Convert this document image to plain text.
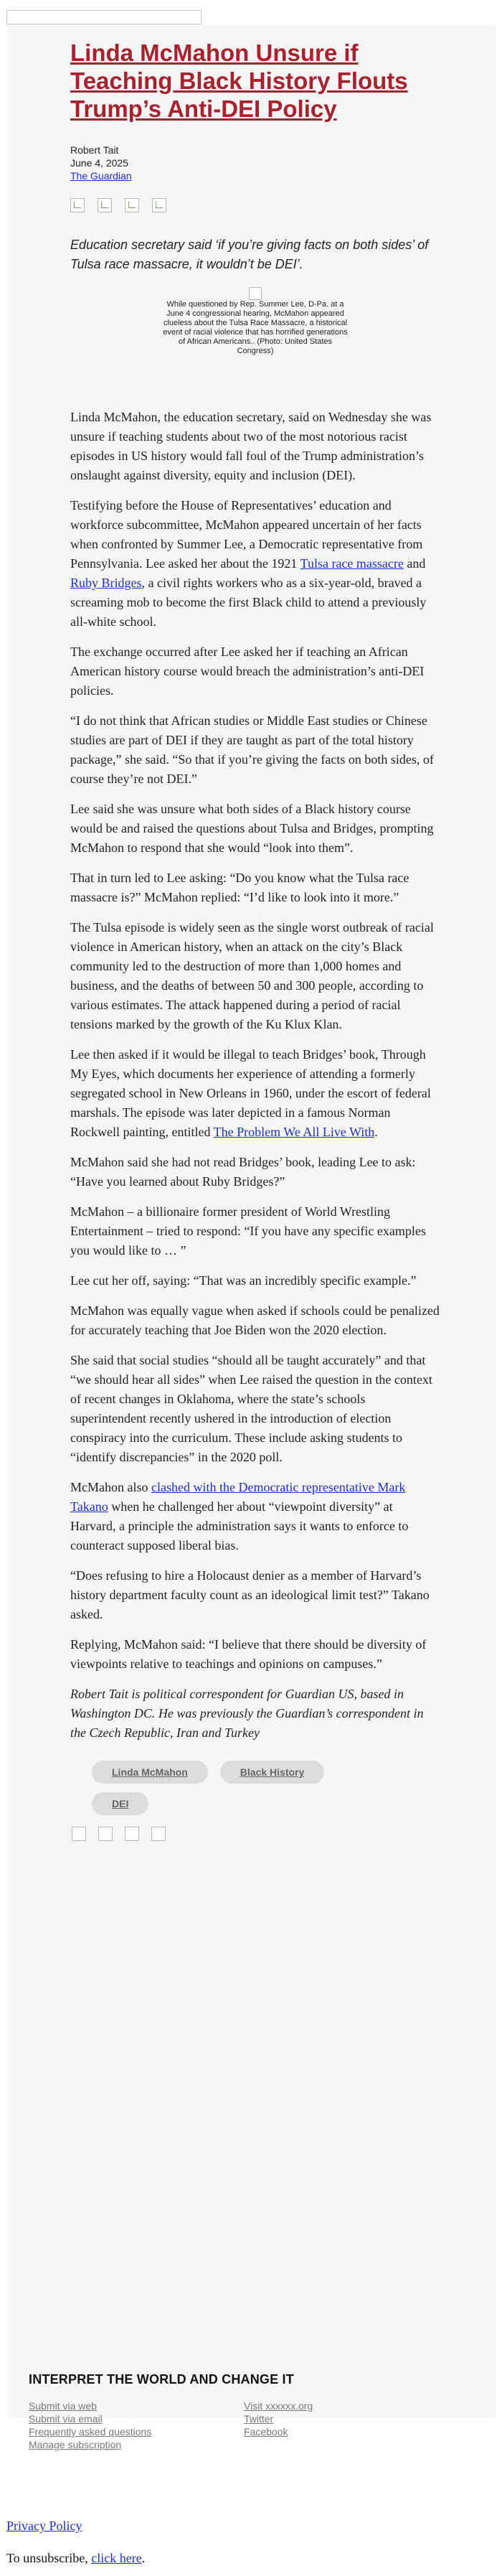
Linda McMahon Unsure if Teaching Black History Flouts Trump’s Anti-DEI Policy
Robert Tait
June 4, 2025
The Guardian
Education secretary said ‘if you’re giving facts on both sides’ of Tulsa race massacre, it wouldn’t be DEI’.
While questioned by Rep. Summer Lee, D-Pa. at a June 4 congressional hearing, McMahon appeared clueless about the Tulsa Race Massacre, a historical event of racial violence that has horrified generations of African Americans.. (Photo: United States Congress)

Linda McMahon, the education secretary, said on Wednesday she was unsure if teaching students about two of the most notorious racist episodes in US history would fall foul of the Trump administration’s onslaught against diversity, equity and inclusion (DEI).

Testifying before the House of Representatives’ education and workforce subcommittee, McMahon appeared uncertain of her facts when confronted by Summer Lee, a Democratic representative from Pennsylvania. Lee asked her about the 1921 Tulsa race massacre and Ruby Bridges, a civil rights workers who as a six-year-old, braved a screaming mob to become the first Black child to attend a previously all-white school.

The exchange occurred after Lee asked her if teaching an African American history course would breach the administration’s anti-DEI policies.

“I do not think that African studies or Middle East studies or Chinese studies are part of DEI if they are taught as part of the total history package,” she said. “So that if you’re giving the facts on both sides, of course they’re not DEI.”

Lee said she was unsure what both sides of a Black history course would be and raised the questions about Tulsa and Bridges, prompting McMahon to respond that she would “look into them”.

That in turn led to Lee asking: “Do you know what the Tulsa race massacre is?” McMahon replied: “I’d like to look into it more.”

The Tulsa episode is widely seen as the single worst outbreak of racial violence in American history, when an attack on the city’s Black community led to the destruction of more than 1,000 homes and business, and the deaths of between 50 and 300 people, according to various estimates. The attack happened during a period of racial tensions marked by the growth of the Ku Klux Klan.

Lee then asked if it would be illegal to teach Bridges’ book, Through My Eyes, which documents her experience of attending a formerly segregated school in New Orleans in 1960, under the escort of federal marshals. The episode was later depicted in a famous Norman Rockwell painting, entitled The Problem We All Live With.

McMahon said she had not read Bridges’ book, leading Lee to ask: “Have you learned about Ruby Bridges?”

McMahon – a billionaire former president of World Wrestling Entertainment – tried to respond: “If you have any specific examples you would like to … ”

Lee cut her off, saying: “That was an incredibly specific example.”

McMahon was equally vague when asked if schools could be penalized for accurately teaching that Joe Biden won the 2020 election.

She said that social studies “should all be taught accurately” and that “we should hear all sides” when Lee raised the question in the context of recent changes in Oklahoma, where the state’s schools superintendent recently ushered in the introduction of election conspiracy into the curriculum. These include asking students to “identify discrepancies” in the 2020 poll.

McMahon also clashed with the Democratic representative Mark Takano when he challenged her about “viewpoint diversity” at Harvard, a principle the administration says it wants to enforce to counteract supposed liberal bias.

“Does refusing to hire a Holocaust denier as a member of Harvard’s history department faculty count as an ideological limit test?” Takano asked.

Replying, McMahon said: “I believe that there should be diversity of viewpoints relative to teachings and opinions on campuses.”

Robert Tait is political correspondent for Guardian US, based in Washington DC. He was previously the Guardian’s correspondent in the Czech Republic, Iran and Turkey

Linda McMahon	Black History
DEI
INTERPRET THE WORLD AND CHANGE IT
Submit via web
Submit via email
Frequently asked questions
Manage subscription
Visit xxxxxx.org
Twitter
Facebook
Privacy Policy
To unsubscribe, click here.
